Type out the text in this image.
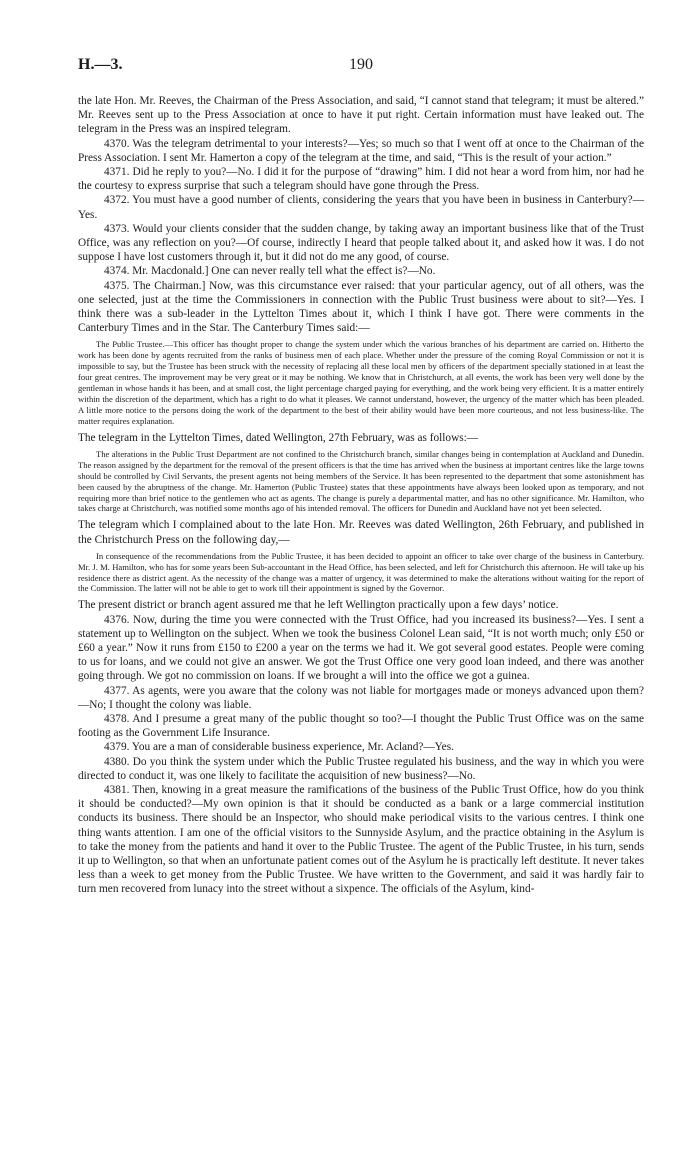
H.—3.	190

the late Hon. Mr. Reeves, the Chairman of the Press Association, and said, “I cannot stand that telegram; it must be altered.” Mr. Reeves sent up to the Press Association at once to have it put right. Certain information must have leaked out. The telegram in the Press was an inspired telegram.

4370. Was the telegram detrimental to your interests?—Yes; so much so that I went off at once to the Chairman of the Press Association. I sent Mr. Hamerton a copy of the telegram at the time, and said, “This is the result of your action.”

4371. Did he reply to you?—No. I did it for the purpose of “drawing” him. I did not hear a word from him, nor had he the courtesy to express surprise that such a telegram should have gone through the Press.

4372. You must have a good number of clients, considering the years that you have been in business in Canterbury?—Yes.

4373. Would your clients consider that the sudden change, by taking away an important business like that of the Trust Office, was any reflection on you?—Of course, indirectly I heard that people talked about it, and asked how it was. I do not suppose I have lost customers through it, but it did not do me any good, of course.

4374. Mr. Macdonald.] One can never really tell what the effect is?—No.

4375. The Chairman.] Now, was this circumstance ever raised: that your particular agency, out of all others, was the one selected, just at the time the Commissioners in connection with the Public Trust business were about to sit?—Yes. I think there was a sub-leader in the Lyttelton Times about it, which I think I have got. There were comments in the Canterbury Times and in the Star. The Canterbury Times said:—

The Public Trustee.—This officer has thought proper to change the system under which the various branches of his department are carried on. Hitherto the work has been done by agents recruited from the ranks of business men of each place. Whether under the pressure of the coming Royal Commission or not it is impossible to say, but the Trustee has been struck with the necessity of replacing all these local men by officers of the department specially stationed in at least the four great centres. The improvement may be very great or it may be nothing. We know that in Christchurch, at all events, the work has been very well done by the gentleman in whose hands it has been, and at small cost, the light percentage charged paying for everything, and the work being very efficient. It is a matter entirely within the discretion of the department, which has a right to do what it pleases. We cannot understand, however, the urgency of the matter which has been pleaded. A little more notice to the persons doing the work of the department to the best of their ability would have been more courteous, and not less business-like. The matter requires explanation.

The telegram in the Lyttelton Times, dated Wellington, 27th February, was as follows:—

The alterations in the Public Trust Department are not confined to the Christchurch branch, similar changes being in contemplation at Auckland and Dunedin. The reason assigned by the department for the removal of the present officers is that the time has arrived when the business at important centres like the large towns should be controlled by Civil Servants, the present agents not being members of the Service. It has been represented to the department that some astonishment has been caused by the abruptness of the change. Mr. Hamerton (Public Trustee) states that these appointments have always been looked upon as temporary, and not requiring more than brief notice to the gentlemen who act as agents. The change is purely a departmental matter, and has no other significance. Mr. Hamilton, who takes charge at Christchurch, was notified some months ago of his intended removal. The officers for Dunedin and Auckland have not yet been selected.

The telegram which I complained about to the late Hon. Mr. Reeves was dated Wellington, 26th February, and published in the Christchurch Press on the following day,—

In consequence of the recommendations from the Public Trustee, it has been decided to appoint an officer to take over charge of the business in Canterbury. Mr. J. M. Hamilton, who has for some years been Sub-accountant in the Head Office, has been selected, and left for Christchurch this afternoon. He will take up his residence there as district agent. As the necessity of the change was a matter of urgency, it was determined to make the alterations without waiting for the report of the Commission. The latter will not be able to get to work till their appointment is signed by the Governor.

The present district or branch agent assured me that he left Wellington practically upon a few days’ notice.

4376. Now, during the time you were connected with the Trust Office, had you increased its business?—Yes. I sent a statement up to Wellington on the subject. When we took the business Colonel Lean said, “It is not worth much; only £50 or £60 a year.” Now it runs from £150 to £200 a year on the terms we had it. We got several good estates. People were coming to us for loans, and we could not give an answer. We got the Trust Office one very good loan indeed, and there was another going through. We got no commission on loans. If we brought a will into the office we got a guinea.

4377. As agents, were you aware that the colony was not liable for mortgages made or moneys advanced upon them?—No; I thought the colony was liable.

4378. And I presume a great many of the public thought so too?—I thought the Public Trust Office was on the same footing as the Government Life Insurance.

4379. You are a man of considerable business experience, Mr. Acland?—Yes.

4380. Do you think the system under which the Public Trustee regulated his business, and the way in which you were directed to conduct it, was one likely to facilitate the acquisition of new business?—No.

4381. Then, knowing in a great measure the ramifications of the business of the Public Trust Office, how do you think it should be conducted?—My own opinion is that it should be conducted as a bank or a large commercial institution conducts its business. There should be an Inspector, who should make periodical visits to the various centres. I think one thing wants attention. I am one of the official visitors to the Sunnyside Asylum, and the practice obtaining in the Asylum is to take the money from the patients and hand it over to the Public Trustee. The agent of the Public Trustee, in his turn, sends it up to Wellington, so that when an unfortunate patient comes out of the Asylum he is practically left destitute. It never takes less than a week to get money from the Public Trustee. We have written to the Government, and said it was hardly fair to turn men recovered from lunacy into the street without a sixpence. The officials of the Asylum, kind-
